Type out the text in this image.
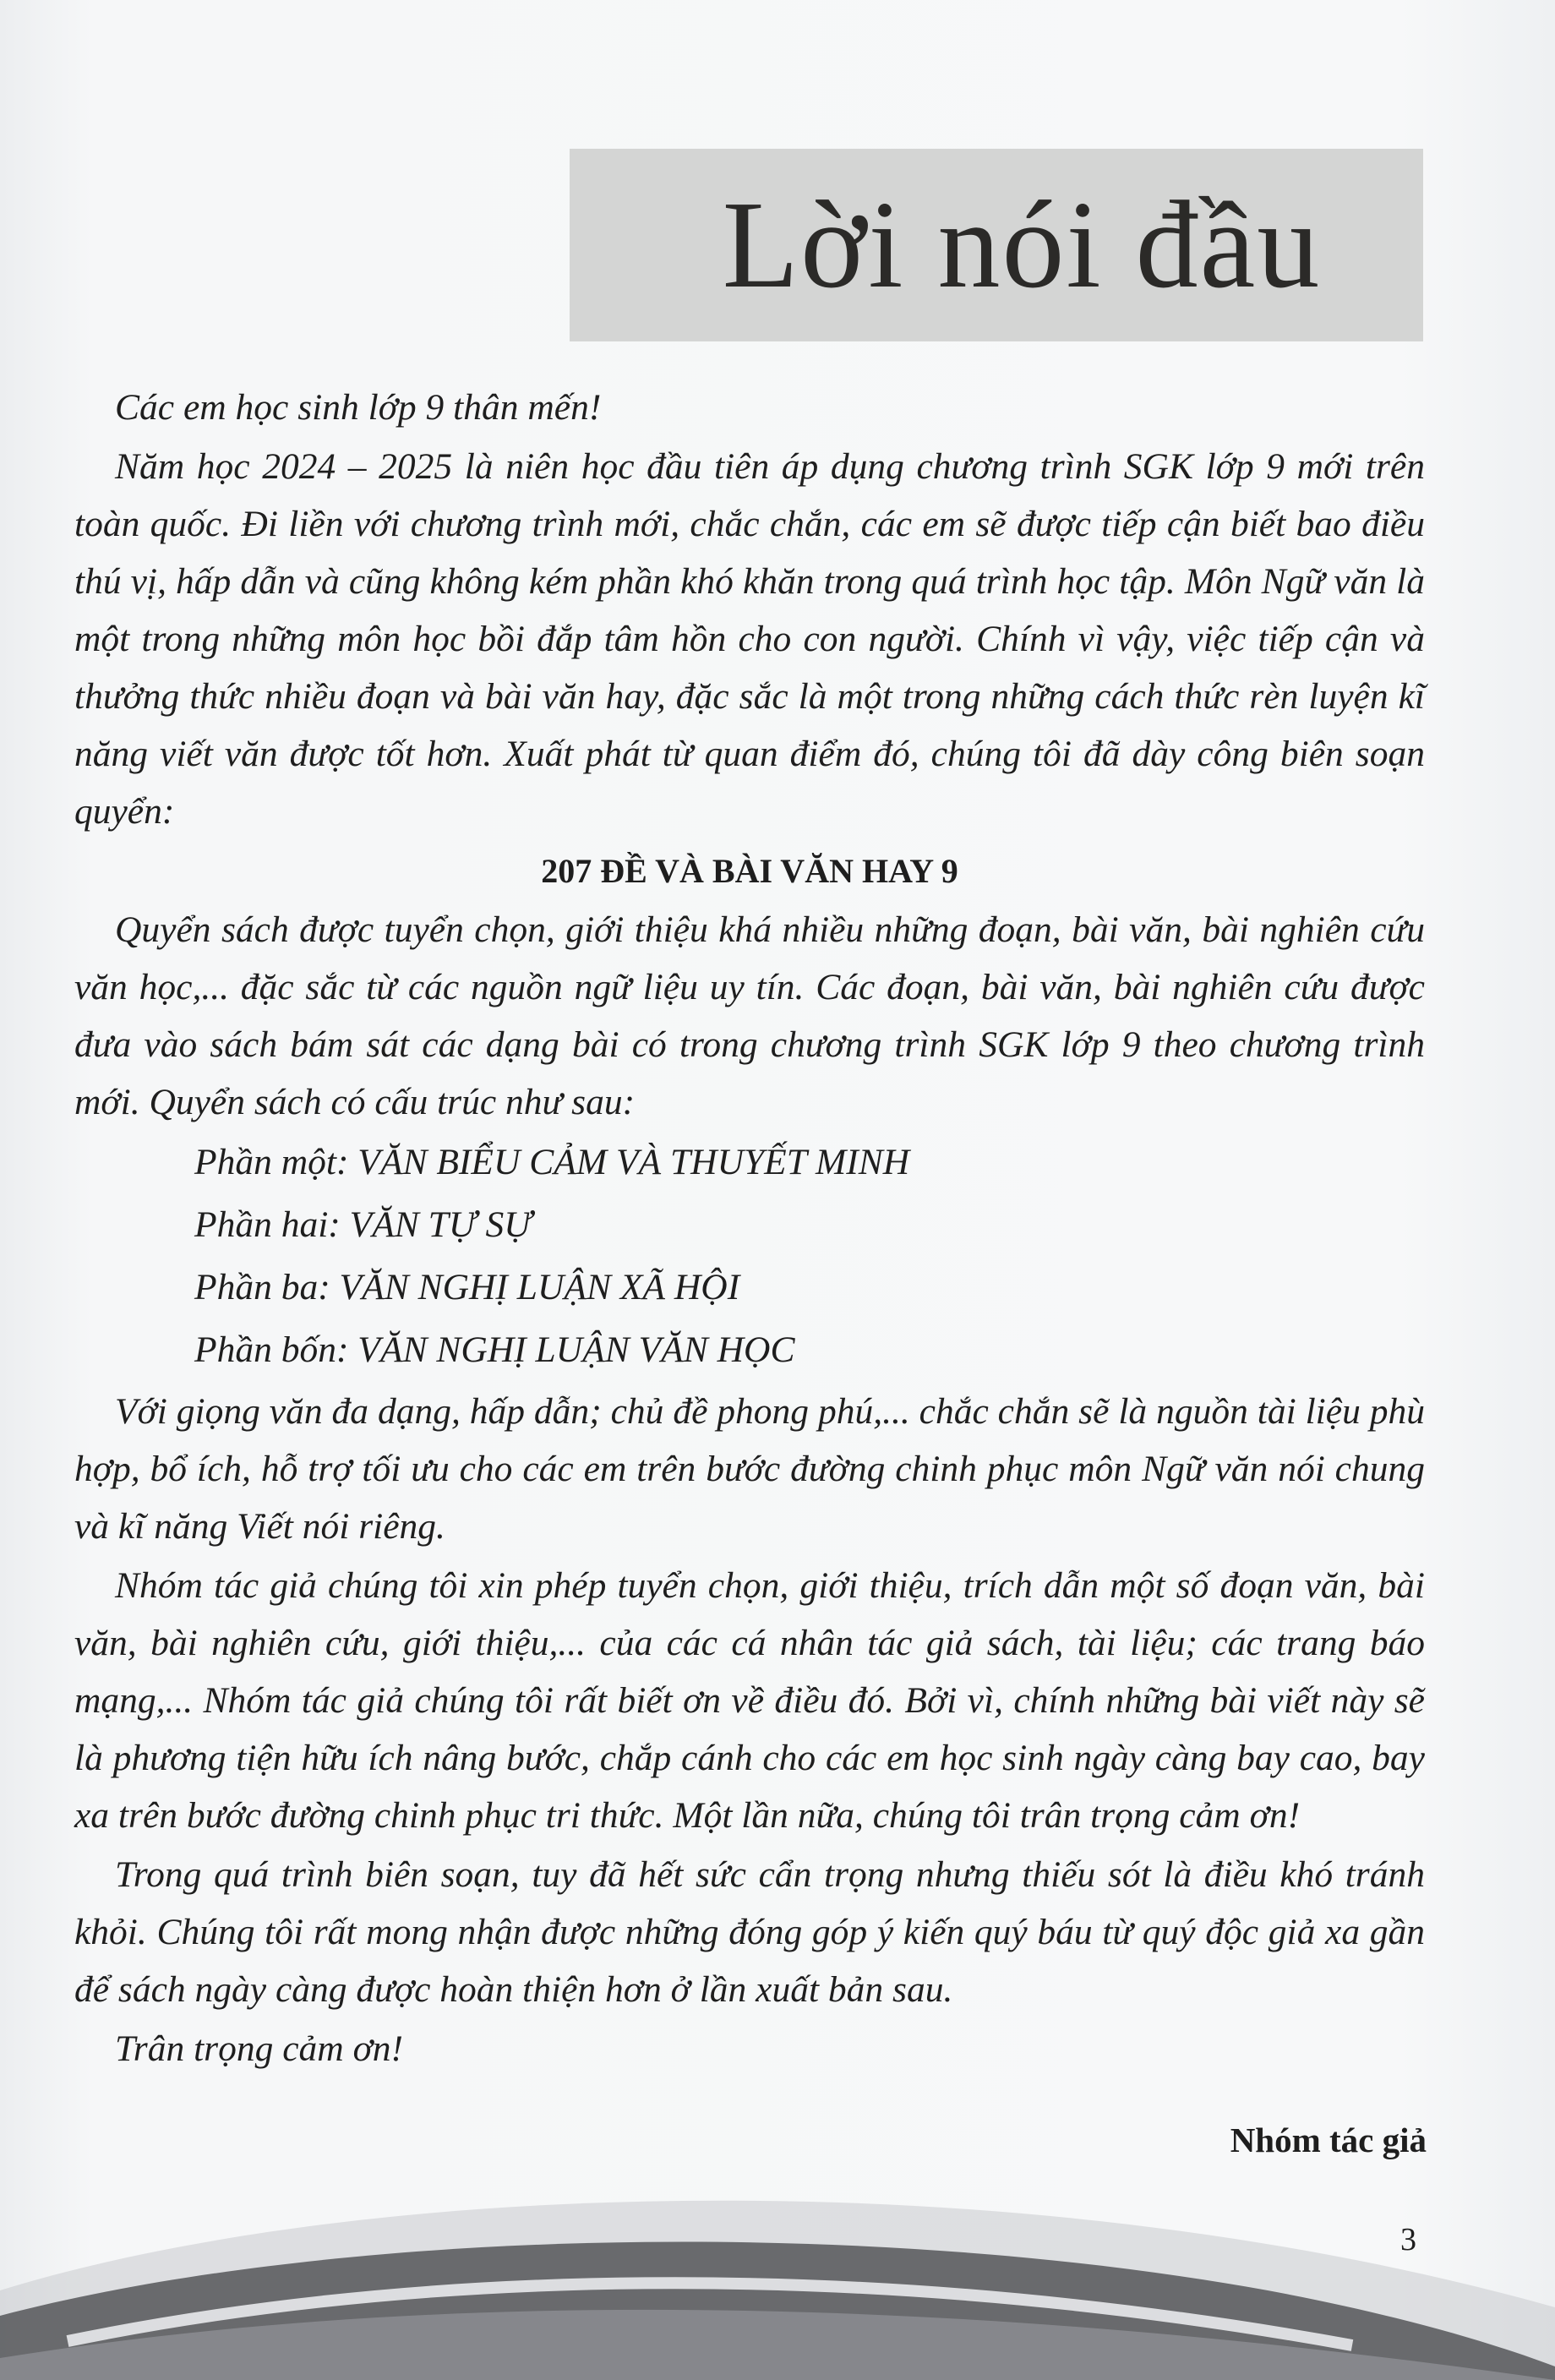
Lời nói đầu

Các em học sinh lớp 9 thân mến!

Năm học 2024 – 2025 là niên học đầu tiên áp dụng chương trình SGK lớp 9 mới trên toàn quốc. Đi liền với chương trình mới, chắc chắn, các em sẽ được tiếp cận biết bao điều thú vị, hấp dẫn và cũng không kém phần khó khăn trong quá trình học tập. Môn Ngữ văn là một trong những môn học bồi đắp tâm hồn cho con người. Chính vì vậy, việc tiếp cận và thưởng thức nhiều đoạn và bài văn hay, đặc sắc là một trong những cách thức rèn luyện kĩ năng viết văn được tốt hơn. Xuất phát từ quan điểm đó, chúng tôi đã dày công biên soạn quyển:

207 ĐỀ VÀ BÀI VĂN HAY 9

Quyển sách được tuyển chọn, giới thiệu khá nhiều những đoạn, bài văn, bài nghiên cứu văn học,... đặc sắc từ các nguồn ngữ liệu uy tín. Các đoạn, bài văn, bài nghiên cứu được đưa vào sách bám sát các dạng bài có trong chương trình SGK lớp 9 theo chương trình mới. Quyển sách có cấu trúc như sau:

Phần một: VĂN BIỂU CẢM VÀ THUYẾT MINH

Phần hai: VĂN TỰ SỰ

Phần ba: VĂN NGHỊ LUẬN XÃ HỘI

Phần bốn: VĂN NGHỊ LUẬN VĂN HỌC

Với giọng văn đa dạng, hấp dẫn; chủ đề phong phú,... chắc chắn sẽ là nguồn tài liệu phù hợp, bổ ích, hỗ trợ tối ưu cho các em trên bước đường chinh phục môn Ngữ văn nói chung và kĩ năng Viết nói riêng.

Nhóm tác giả chúng tôi xin phép tuyển chọn, giới thiệu, trích dẫn một số đoạn văn, bài văn, bài nghiên cứu, giới thiệu,... của các cá nhân tác giả sách, tài liệu; các trang báo mạng,... Nhóm tác giả chúng tôi rất biết ơn về điều đó. Bởi vì, chính những bài viết này sẽ là phương tiện hữu ích nâng bước, chắp cánh cho các em học sinh ngày càng bay cao, bay xa trên bước đường chinh phục tri thức. Một lần nữa, chúng tôi trân trọng cảm ơn!

Trong quá trình biên soạn, tuy đã hết sức cẩn trọng nhưng thiếu sót là điều khó tránh khỏi. Chúng tôi rất mong nhận được những đóng góp ý kiến quý báu từ quý độc giả xa gần để sách ngày càng được hoàn thiện hơn ở lần xuất bản sau.

Trân trọng cảm ơn!

Nhóm tác giả
3
